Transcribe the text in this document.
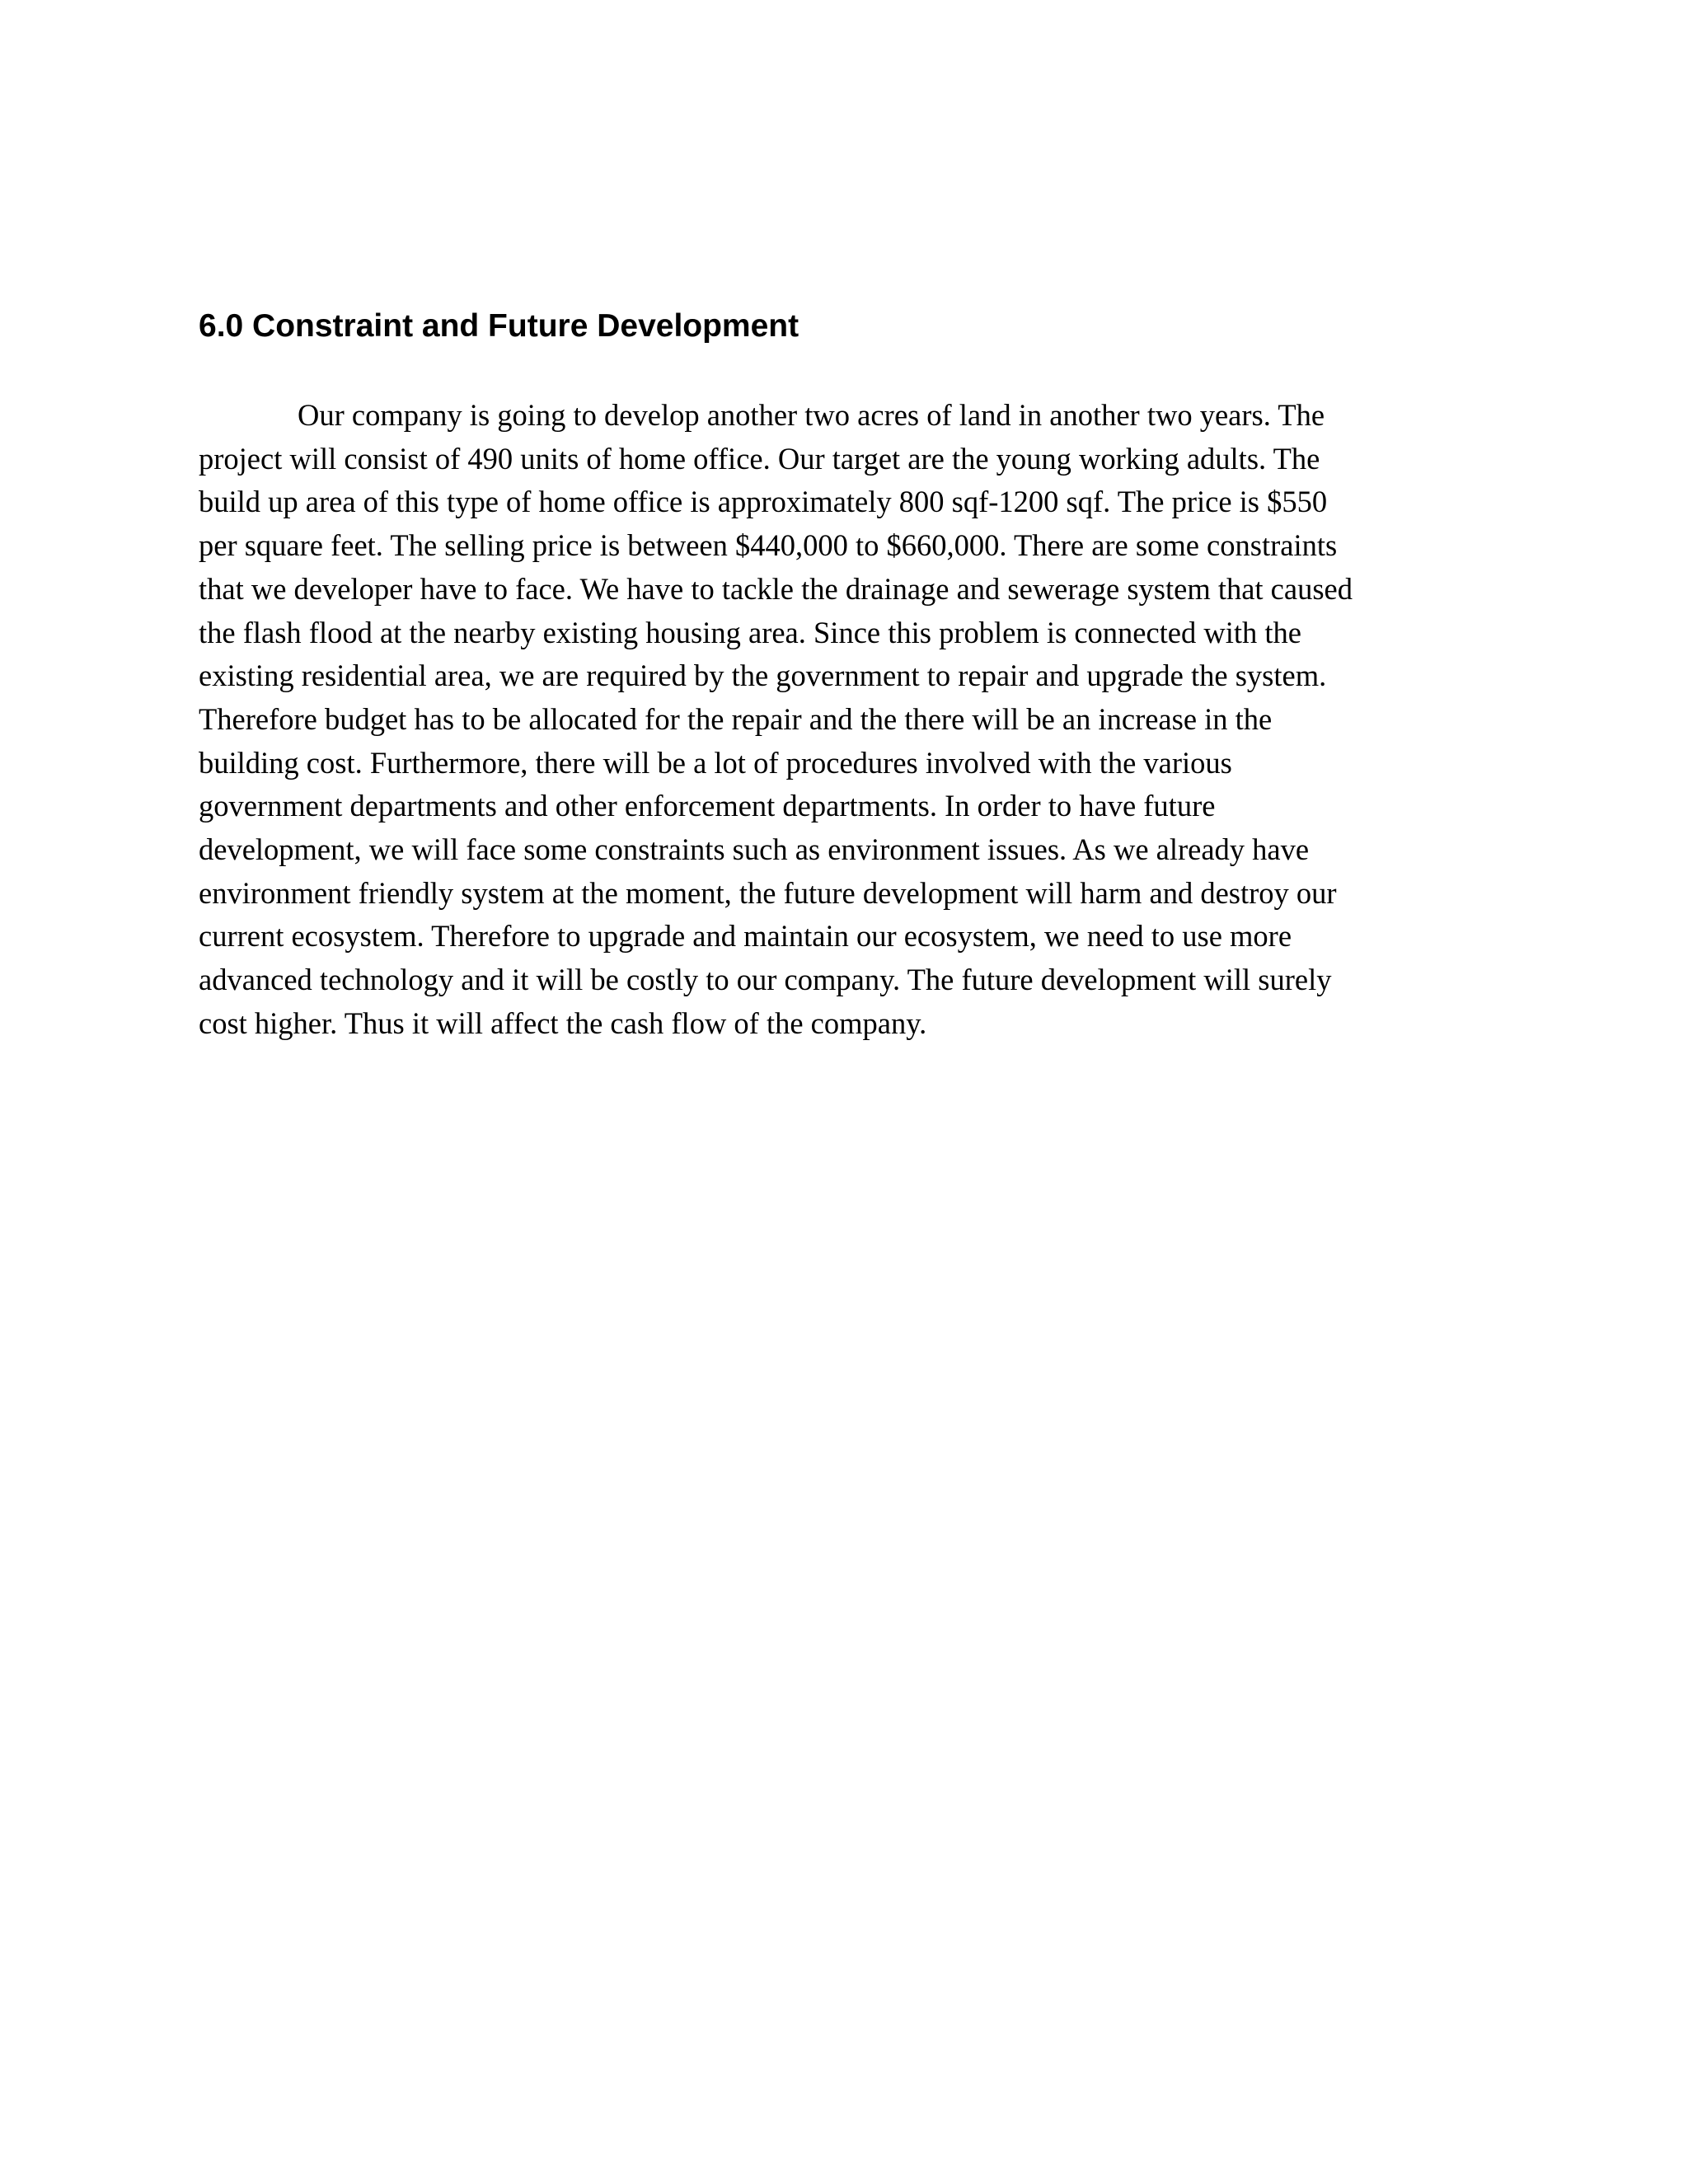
6.0 Constraint and Future Development
Our company is going to develop another two acres of land in another two years. The
project will consist of 490 units of home office. Our target are the young working adults. The
build up area of this type of home office is approximately 800 sqf-1200 sqf. The price is $550
per square feet. The selling price is between $440,000 to $660,000. There are some constraints
that we developer have to face. We have to tackle the drainage and sewerage system that caused
the flash flood at the nearby existing housing area. Since this problem is connected with the
existing residential area, we are required by the government to repair and upgrade the system.
Therefore budget has to be allocated for the repair and the there will be an increase in the
building cost. Furthermore, there will be a lot of procedures involved with the various
government departments and other enforcement departments. In order to have future
development, we will face some constraints such as environment issues. As we already have
environment friendly system at the moment, the future development will harm and destroy our
current ecosystem. Therefore to upgrade and maintain our ecosystem, we need to use more
advanced technology and it will be costly to our company. The future development will surely
cost higher. Thus it will affect the cash flow of the company.
